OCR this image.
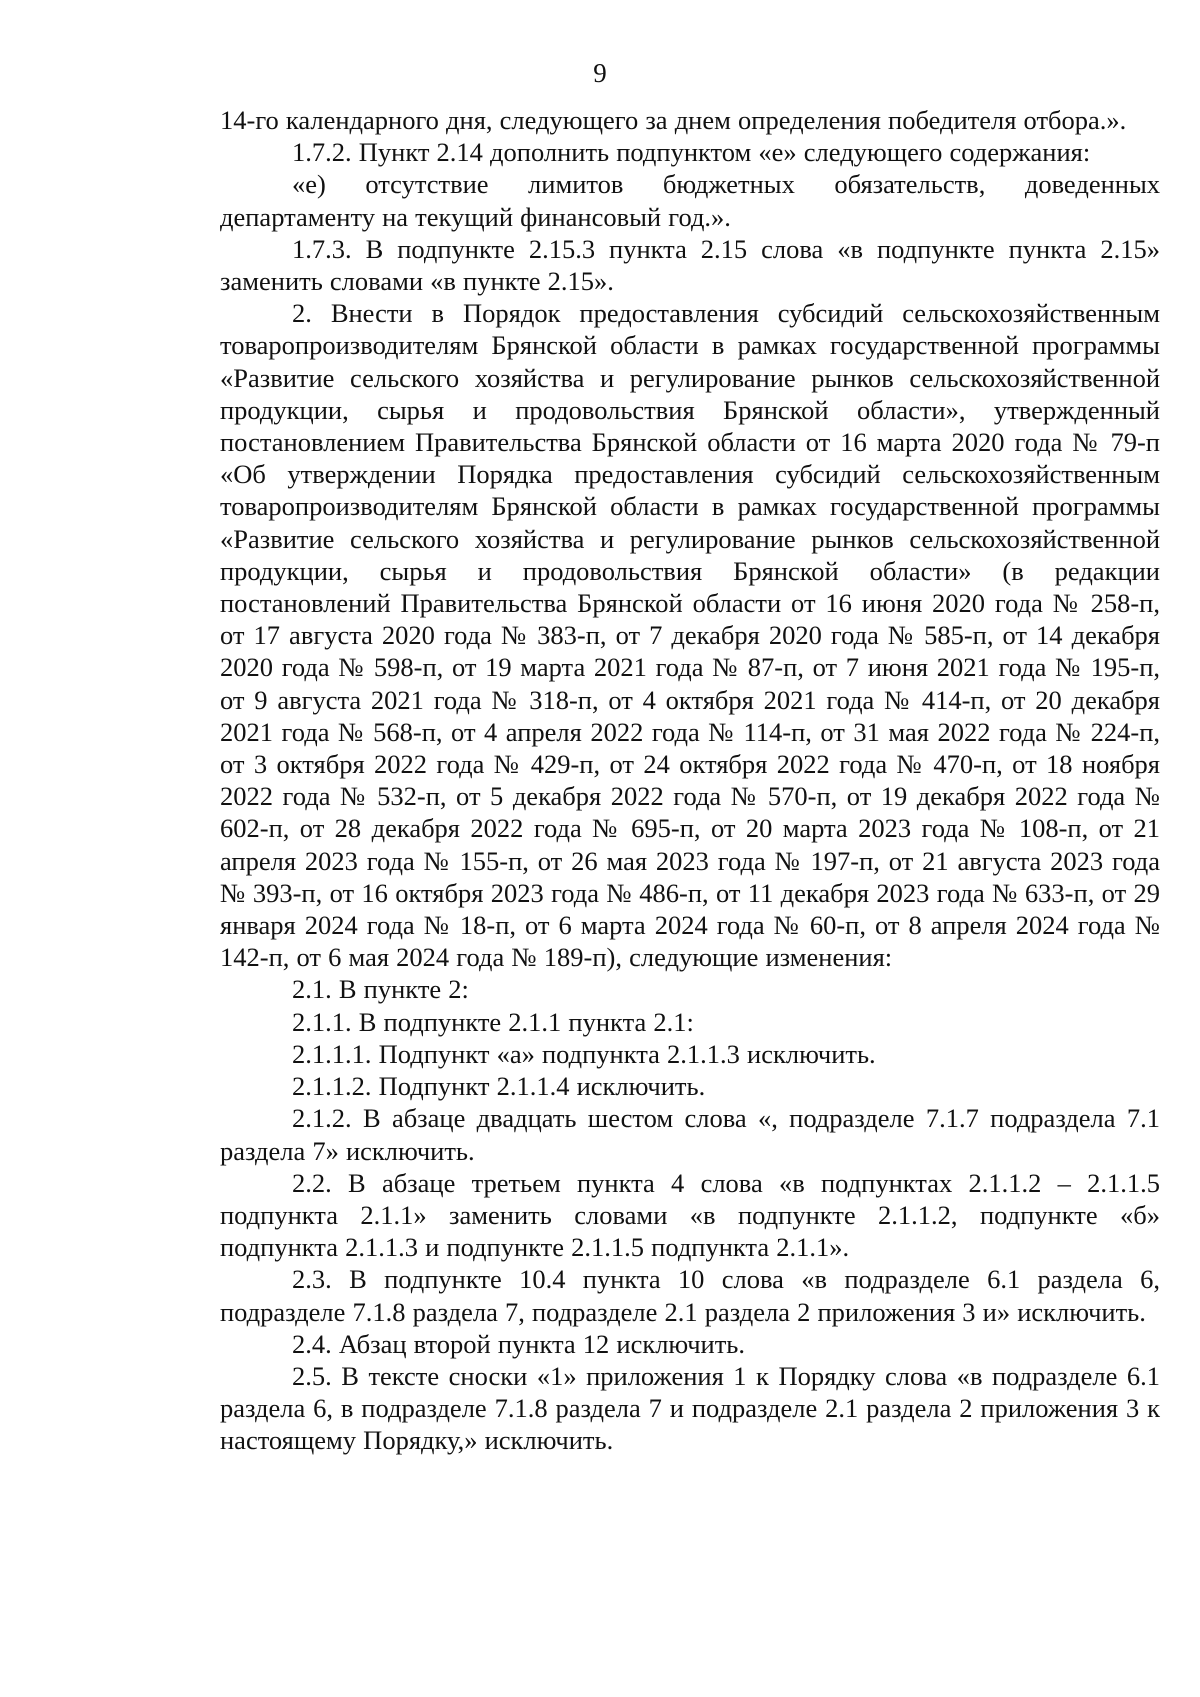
9

14-го календарного дня, следующего за днем определения победителя отбора.».

1.7.2. Пункт 2.14 дополнить подпунктом «е» следующего содержания:

«е) отсутствие лимитов бюджетных обязательств, доведенных департаменту на текущий финансовый год.».

1.7.3. В подпункте 2.15.3 пункта 2.15 слова «в подпункте пункта 2.15» заменить словами «в пункте 2.15».

2. Внести в Порядок предоставления субсидий сельскохозяйственным товаропроизводителям Брянской области в рамках государственной программы «Развитие сельского хозяйства и регулирование рынков сельскохозяйственной продукции, сырья и продовольствия Брянской области», утвержденный постановлением Правительства Брянской области от 16 марта 2020 года № 79-п «Об утверждении Порядка предоставления субсидий сельскохозяйственным товаропроизводителям Брянской области в рамках государственной программы «Развитие сельского хозяйства и регулирование рынков сельскохозяйственной продукции, сырья и продовольствия Брянской области» (в редакции постановлений Правительства Брянской области от 16 июня 2020 года № 258-п, от 17 августа 2020 года № 383-п, от 7 декабря 2020 года № 585-п, от 14 декабря 2020 года № 598-п, от 19 марта 2021 года № 87-п, от 7 июня 2021 года № 195-п, от 9 августа 2021 года № 318-п, от 4 октября 2021 года № 414-п, от 20 декабря 2021 года № 568-п, от 4 апреля 2022 года № 114-п, от 31 мая 2022 года № 224-п, от 3 октября 2022 года № 429-п, от 24 октября 2022 года № 470-п, от 18 ноября 2022 года № 532-п, от 5 декабря 2022 года № 570-п, от 19 декабря 2022 года № 602-п, от 28 декабря 2022 года № 695-п, от 20 марта 2023 года № 108-п, от 21 апреля 2023 года № 155-п, от 26 мая 2023 года № 197-п, от 21 августа 2023 года № 393-п, от 16 октября 2023 года № 486-п, от 11 декабря 2023 года № 633-п, от 29 января 2024 года № 18-п, от 6 марта 2024 года № 60-п, от 8 апреля 2024 года № 142-п, от 6 мая 2024 года № 189-п), следующие изменения:

2.1. В пункте 2:

2.1.1. В подпункте 2.1.1 пункта 2.1:

2.1.1.1. Подпункт «а» подпункта 2.1.1.3 исключить.

2.1.1.2. Подпункт 2.1.1.4 исключить.

2.1.2. В абзаце двадцать шестом слова «, подразделе 7.1.7 подраздела 7.1 раздела 7» исключить.

2.2. В абзаце третьем пункта 4 слова «в подпунктах 2.1.1.2 – 2.1.1.5 подпункта 2.1.1» заменить словами «в подпункте 2.1.1.2, подпункте «б» подпункта 2.1.1.3 и подпункте 2.1.1.5 подпункта 2.1.1».

2.3. В подпункте 10.4 пункта 10 слова «в подразделе 6.1 раздела 6, подразделе 7.1.8 раздела 7, подразделе 2.1 раздела 2 приложения 3 и» исключить.

2.4. Абзац второй пункта 12 исключить.

2.5. В тексте сноски «1» приложения 1 к Порядку слова «в подразделе 6.1 раздела 6, в подразделе 7.1.8 раздела 7 и подразделе 2.1 раздела 2 приложения 3 к настоящему Порядку,» исключить.
